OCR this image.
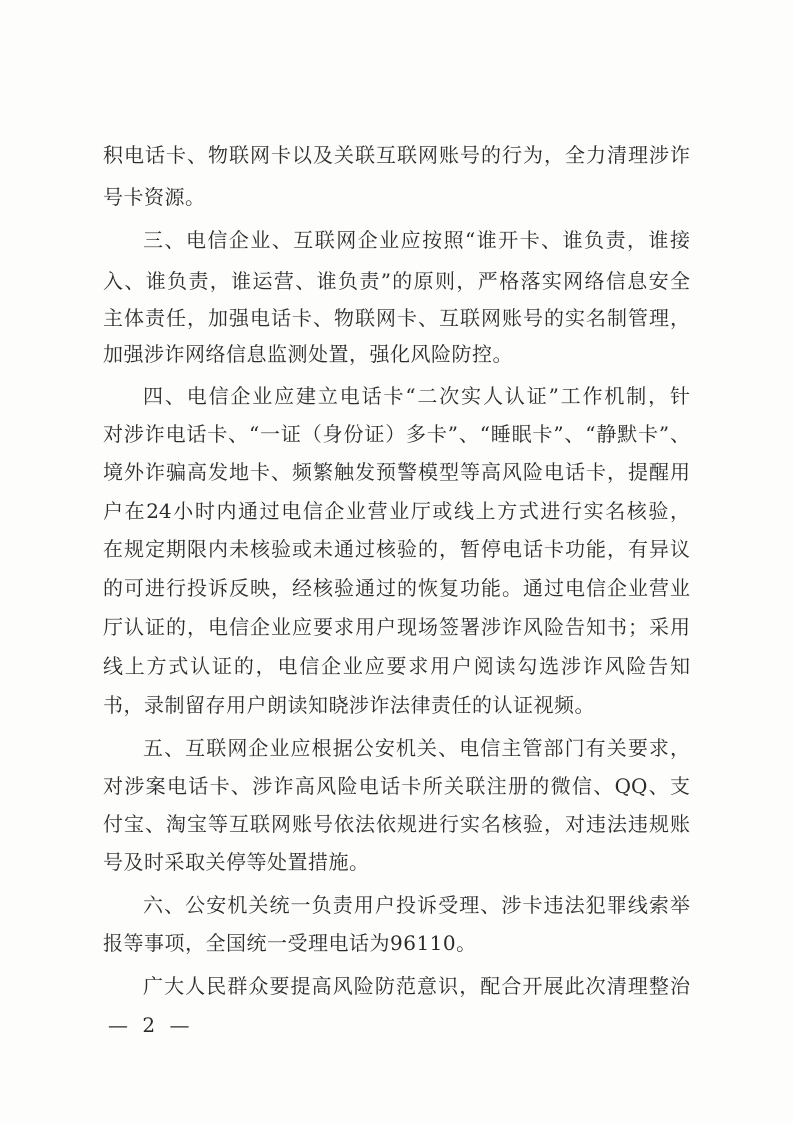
积电话卡、物联网卡以及关联互联网账号的行为，全力清理涉诈
号卡资源。
三、电信企业、互联网企业应按照“谁开卡、谁负责，谁接
入、谁负责，谁运营、谁负责”的原则，严格落实网络信息安全
主体责任，加强电话卡、物联网卡、互联网账号的实名制管理，
加强涉诈网络信息监测处置，强化风险防控。
四、电信企业应建立电话卡“二次实人认证”工作机制，针
对涉诈电话卡、“一证（身份证）多卡”、“睡眠卡”、“静默卡”、
境外诈骗高发地卡、频繁触发预警模型等高风险电话卡，提醒用
户在24小时内通过电信企业营业厅或线上方式进行实名核验，
在规定期限内未核验或未通过核验的，暂停电话卡功能，有异议
的可进行投诉反映，经核验通过的恢复功能。通过电信企业营业
厅认证的，电信企业应要求用户现场签署涉诈风险告知书；采用
线上方式认证的，电信企业应要求用户阅读勾选涉诈风险告知
书，录制留存用户朗读知晓涉诈法律责任的认证视频。
五、互联网企业应根据公安机关、电信主管部门有关要求，
对涉案电话卡、涉诈高风险电话卡所关联注册的微信、QQ、支
付宝、淘宝等互联网账号依法依规进行实名核验，对违法违规账
号及时采取关停等处置措施。
六、公安机关统一负责用户投诉受理、涉卡违法犯罪线索举
报等事项，全国统一受理电话为96110。
广大人民群众要提高风险防范意识，配合开展此次清理整治
— 2 —
